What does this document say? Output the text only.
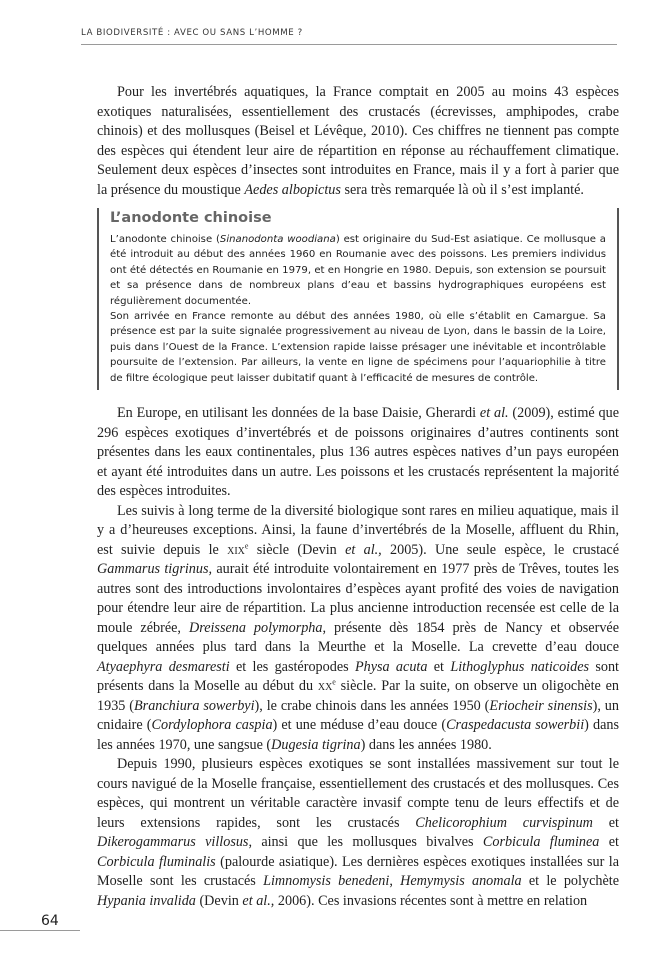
LA BIODIVERSITÉ : AVEC OU SANS L’HOMME ?

Pour les invertébrés aquatiques, la France comptait en 2005 au moins 43 espèces exotiques naturalisées, essentiellement des crustacés (écrevisses, amphipodes, crabe chinois) et des mollusques (Beisel et Lévêque, 2010). Ces chiffres ne tiennent pas compte des espèces qui étendent leur aire de répartition en réponse au réchauffement climatique. Seulement deux espèces d’insectes sont introduites en France, mais il y a fort à parier que la présence du moustique Aedes albopictus sera très remarquée là où il s’est implanté.

L’anodonte chinoise

L’anodonte chinoise (Sinanodonta woodiana) est originaire du Sud-Est asiatique. Ce mollusque a été introduit au début des années 1960 en Roumanie avec des poissons. Les premiers individus ont été détectés en Roumanie en 1979, et en Hongrie en 1980. Depuis, son extension se poursuit et sa présence dans de nombreux plans d’eau et bassins hydrographiques européens est régulièrement documentée.

Son arrivée en France remonte au début des années 1980, où elle s’établit en Camargue. Sa présence est par la suite signalée progressivement au niveau de Lyon, dans le bassin de la Loire, puis dans l’Ouest de la France. L’extension rapide laisse présager une inévitable et incontrôlable poursuite de l’extension. Par ailleurs, la vente en ligne de spécimens pour l’aquariophilie à titre de filtre écologique peut laisser dubitatif quant à l’efficacité de mesures de contrôle.

En Europe, en utilisant les données de la base Daisie, Gherardi et al. (2009), estimé que 296 espèces exotiques d’invertébrés et de poissons originaires d’autres continents sont présentes dans les eaux continentales, plus 136 autres espèces natives d’un pays européen et ayant été introduites dans un autre. Les poissons et les crustacés représentent la majorité des espèces introduites.

Les suivis à long terme de la diversité biologique sont rares en milieu aquatique, mais il y a d’heureuses exceptions. Ainsi, la faune d’invertébrés de la Moselle, affluent du Rhin, est suivie depuis le xix$^e$ siècle (Devin et al., 2005). Une seule espèce, le crustacé Gammarus tigrinus, aurait été introduite volontairement en 1977 près de Trêves, toutes les autres sont des introductions involontaires d’espèces ayant profité des voies de navigation pour étendre leur aire de répartition. La plus ancienne introduction recensée est celle de la moule zébrée, Dreissena polymorpha, présente dès 1854 près de Nancy et observée quelques années plus tard dans la Meurthe et la Moselle. La crevette d’eau douce Atyaephyra desmaresti et les gastéropodes Physa acuta et Lithoglyphus naticoides sont présents dans la Moselle au début du $xx^e$ siècle. Par la suite, on observe un oligochète en 1935 (Branchiura sowerbyi), le crabe chinois dans les années 1950 (Eriocheir sinensis), un cnidaire (Cordylophora caspia) et une méduse d’eau douce (Craspedacusta sowerbii) dans les années 1970, une sangsue (Dugesia tigrina) dans les années 1980.

Depuis 1990, plusieurs espèces exotiques se sont installées massivement sur tout le cours navigué de la Moselle française, essentiellement des crustacés et des mollusques. Ces espèces, qui montrent un véritable caractère invasif compte tenu de leurs effectifs et de leurs extensions rapides, sont les crustacés Chelicorophium curvispinum et Dikerogammarus villosus, ainsi que les mollusques bivalves Corbicula fluminea et Corbicula fluminalis (palourde asiatique). Les dernières espèces exotiques installées sur la Moselle sont les crustacés Limnomysis benedeni, Hemymysis anomala et le polychète Hypania invalida (Devin et al., 2006). Ces invasions récentes sont à mettre en relation

64
